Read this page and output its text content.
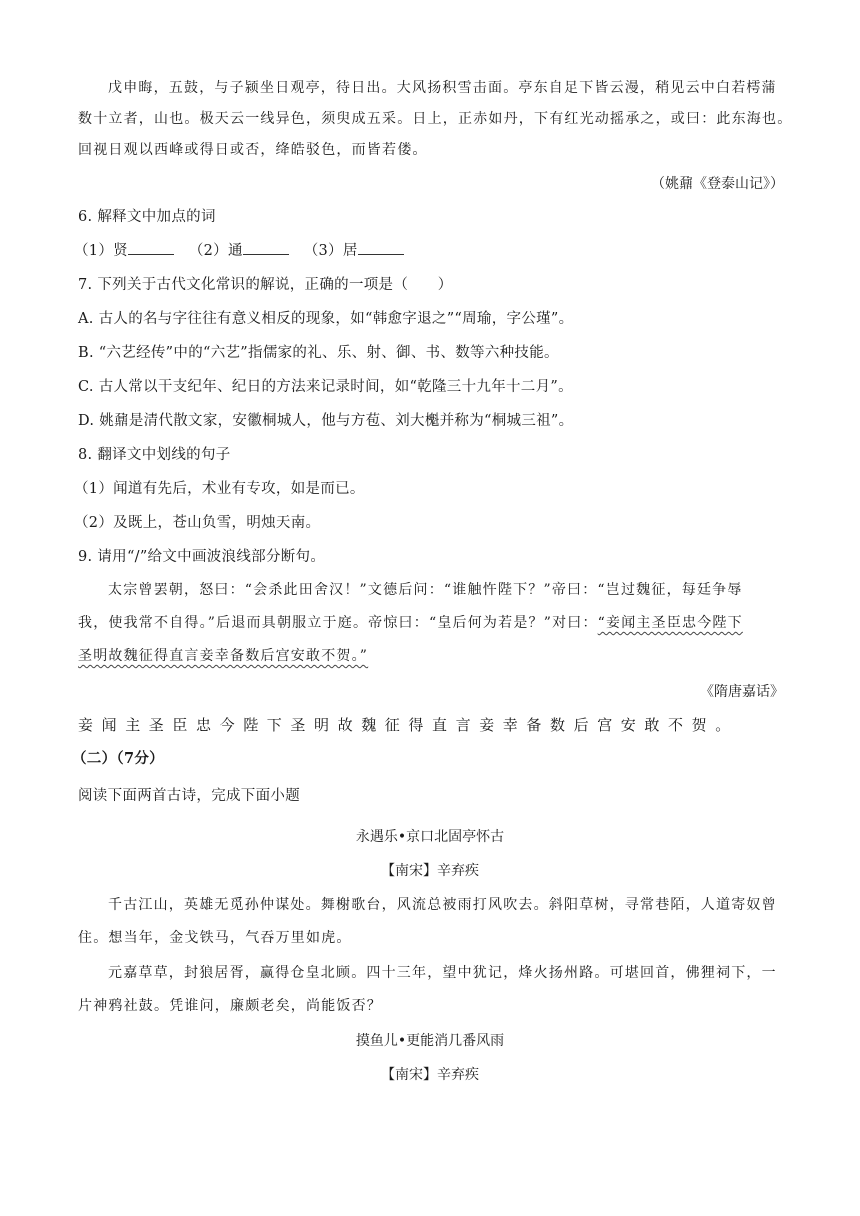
戊申晦，五鼓，与子颍坐日观亭，待日出。大风扬积雪击面。亭东自足下皆云漫，稍见云中白若樗蒲
数十立者，山也。极天云一线异色，须臾成五采。日上，正赤如丹，下有红光动摇承之，或曰：此东海也。
回视日观以西峰或得日或否，绛皓驳色，而皆若偻。
（姚鼐《登泰山记》）
6. 解释文中加点的词
（1）贤	（2）通	（3）居
7. 下列关于古代文化常识的解说，正确的一项是（　　）
A. 古人的名与字往往有意义相反的现象，如“韩愈字退之”“周瑜，字公瑾”。
B. “六艺经传”中的“六艺”指儒家的礼、乐、射、御、书、数等六种技能。
C. 古人常以干支纪年、纪日的方法来记录时间，如“乾隆三十九年十二月”。
D. 姚鼐是清代散文家，安徽桐城人，他与方苞、刘大櫆并称为“桐城三祖”。
8. 翻译文中划线的句子
（1）闻道有先后，术业有专攻，如是而已。
（2）及既上，苍山负雪，明烛天南。
9. 请用“/”给文中画波浪线部分断句。
太宗曾罢朝，怒曰：“会杀此田舍汉！”文德后问：“谁触忤陛下？”帝曰：“岂过魏征，每廷争辱
我，使我常不自得。”后退而具朝服立于庭。帝惊曰：“皇后何为若是？”对曰：“妾闻主圣臣忠今陛下
圣明故魏征得直言妾幸备数后宫安敢不贺。”
《隋唐嘉话》
妾闻主圣臣忠今陛下圣明故魏征得直言妾幸备数后宫安敢不贺。
（二）（7分）
阅读下面两首古诗，完成下面小题
永遇乐•京口北固亭怀古
【南宋】辛弃疾
千古江山，英雄无觅孙仲谋处。舞榭歌台，风流总被雨打风吹去。斜阳草树，寻常巷陌，人道寄奴曾
住。想当年，金戈铁马，气吞万里如虎。
元嘉草草，封狼居胥，赢得仓皇北顾。四十三年，望中犹记，烽火扬州路。可堪回首，佛狸祠下，一
片神鸦社鼓。凭谁问，廉颇老矣，尚能饭否？
摸鱼儿•更能消几番风雨
【南宋】辛弃疾
